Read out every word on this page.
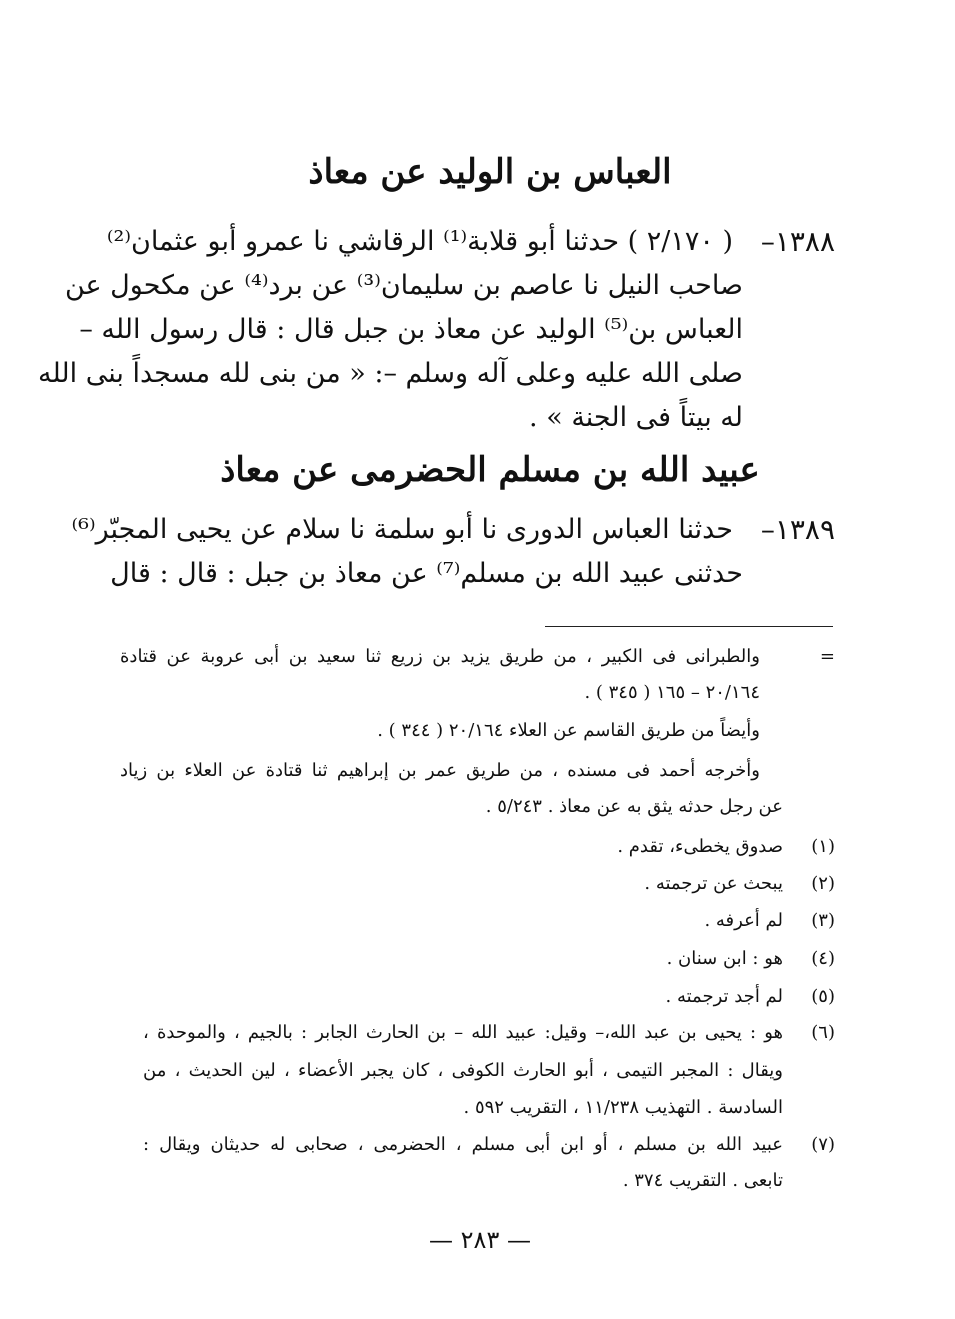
العباس بن الوليد عن معاذ
١٣٨٨–
( ٢/١٧٠ ) حدثنا أبو قلابة⁽¹⁾ الرقاشي نا عمرو أبو عثمان⁽²⁾
صاحب النيل نا عاصم بن سليمان⁽³⁾ عن برد⁽⁴⁾ عن مكحول عن
العباس بن⁽⁵⁾ الوليد عن معاذ بن جبل قال : قال رسول الله –
صلى الله عليه وعلى آله وسلم –: « من بنى لله مسجداً بنى الله
له بيتاً فى الجنة » .
عبيد الله بن مسلم الحضرمى عن معاذ
١٣٨٩–
حدثنا العباس الدورى نا أبو سلمة نا سلام عن يحيى المجبّر⁽⁶⁾
حدثنى عبيد الله بن مسلم⁽⁷⁾ عن معاذ بن جبل : قال : قال
=
والطبرانى فى الكبير ، من طريق يزيد بن زريع ثنا سعيد بن أبى عروبة عن قتادة
٢٠/١٦٤ – ١٦٥ ( ٣٤٥ ) .
وأيضاً من طريق القاسم عن العلاء ٢٠/١٦٤ ( ٣٤٤ ) .
وأخرجه أحمد فى مسنده ، من طريق عمر بن إبراهيم ثنا قتادة عن العلاء بن زياد
عن رجل حدثه يثق به عن معاذ . ٥/٢٤٣ .
(١)
صدوق يخطىء، تقدم .
(٢)
يبحث عن ترجمته .
(٣)
لم أعرفه .
(٤)
هو : ابن سنان .
(٥)
لم أجد ترجمته .
(٦)
هو : يحيى بن عبد الله،– وقيل: عبيد الله – بن الحارث الجابر : بالجيم ، والموحدة ،
ويقال : المجبر التيمى ، أبو الحارث الكوفى ، كان يجبر الأعضاء ، لين الحديث ، من
السادسة . التهذيب ١١/٢٣٨ ، التقريب ٥٩٢ .
(٧)
عبيد الله بن مسلم ، أو ابن أبى مسلم ، الحضرمى ، صحابى له حديثان ويقال :
تابعى . التقريب ٣٧٤ .
— ٢٨٣ —
